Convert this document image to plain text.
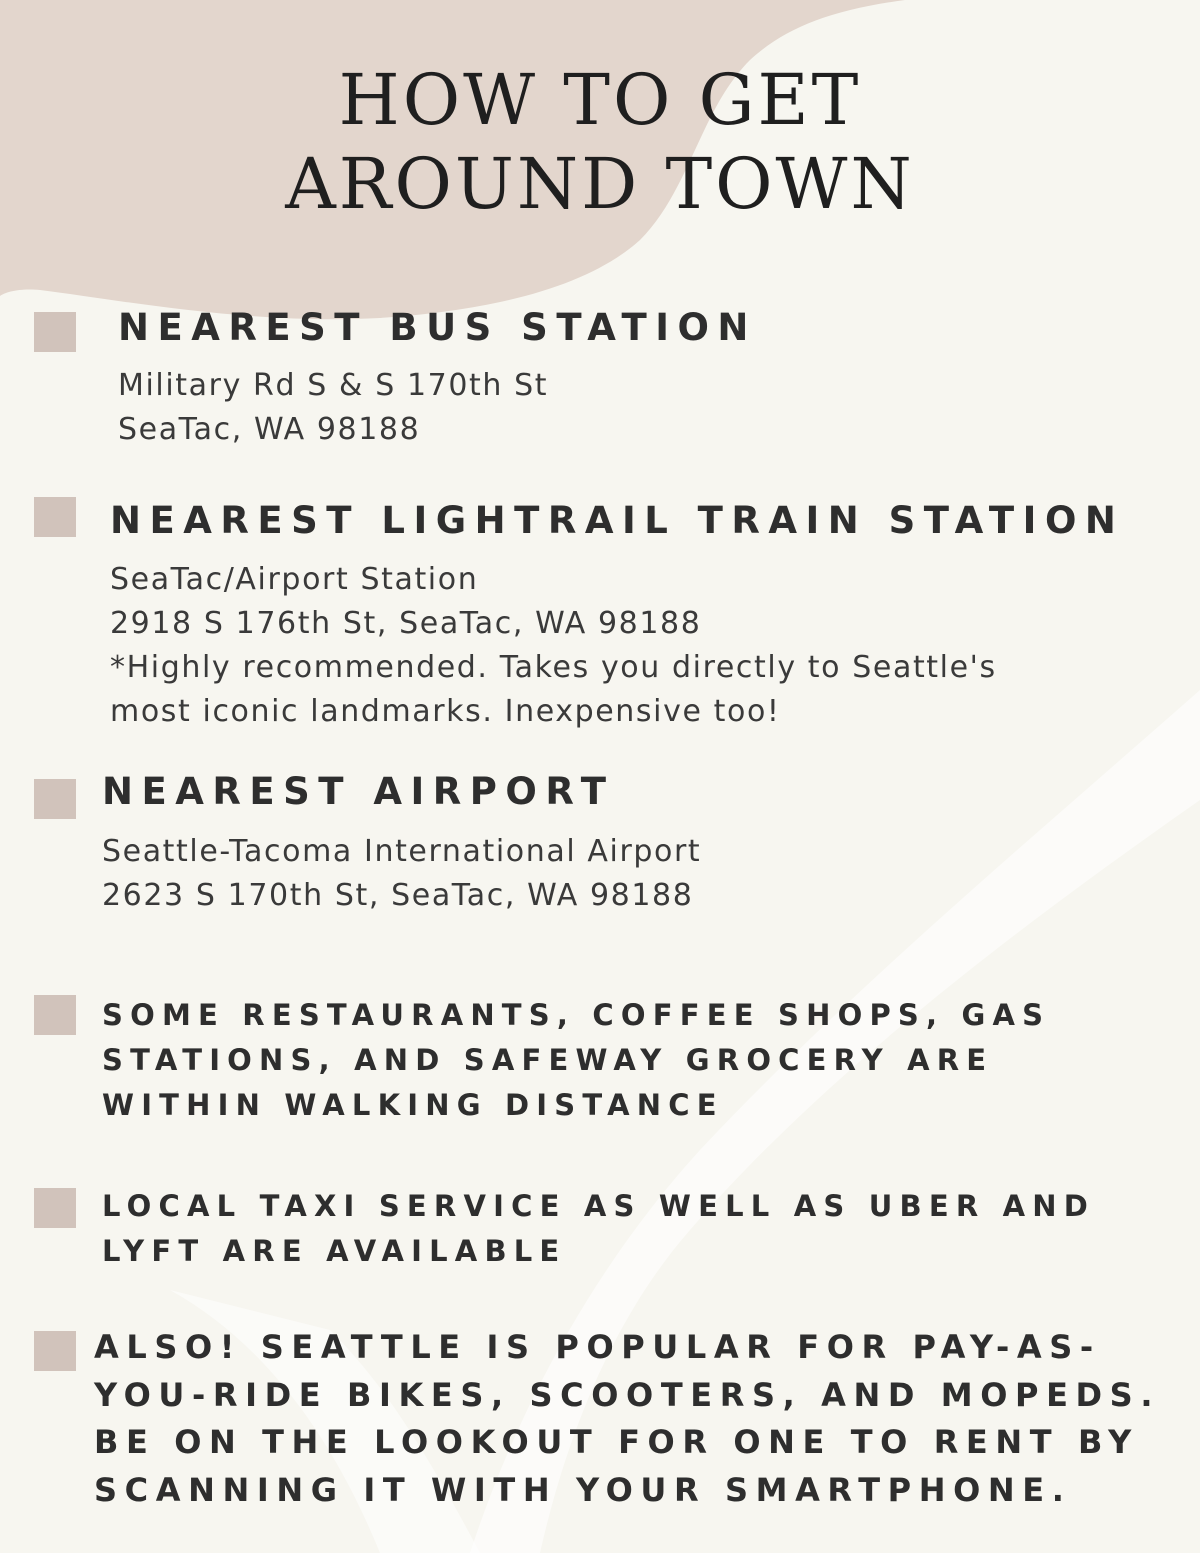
HOW TO GET
AROUND TOWN
NEAREST BUS STATION
Military Rd S & S 170th St
SeaTac, WA 98188
NEAREST LIGHTRAIL TRAIN STATION
SeaTac/Airport Station
2918 S 176th St, SeaTac, WA 98188
*Highly recommended. Takes you directly to Seattle's
most iconic landmarks. Inexpensive too!
NEAREST AIRPORT
Seattle-Tacoma International Airport
2623 S 170th St, SeaTac, WA 98188
SOME RESTAURANTS, COFFEE SHOPS, GAS
STATIONS, AND SAFEWAY GROCERY ARE
WITHIN WALKING DISTANCE
LOCAL TAXI SERVICE AS WELL AS UBER AND
LYFT ARE AVAILABLE
ALSO! SEATTLE IS POPULAR FOR PAY-AS-
YOU-RIDE BIKES, SCOOTERS, AND MOPEDS.
BE ON THE LOOKOUT FOR ONE TO RENT BY
SCANNING IT WITH YOUR SMARTPHONE.
